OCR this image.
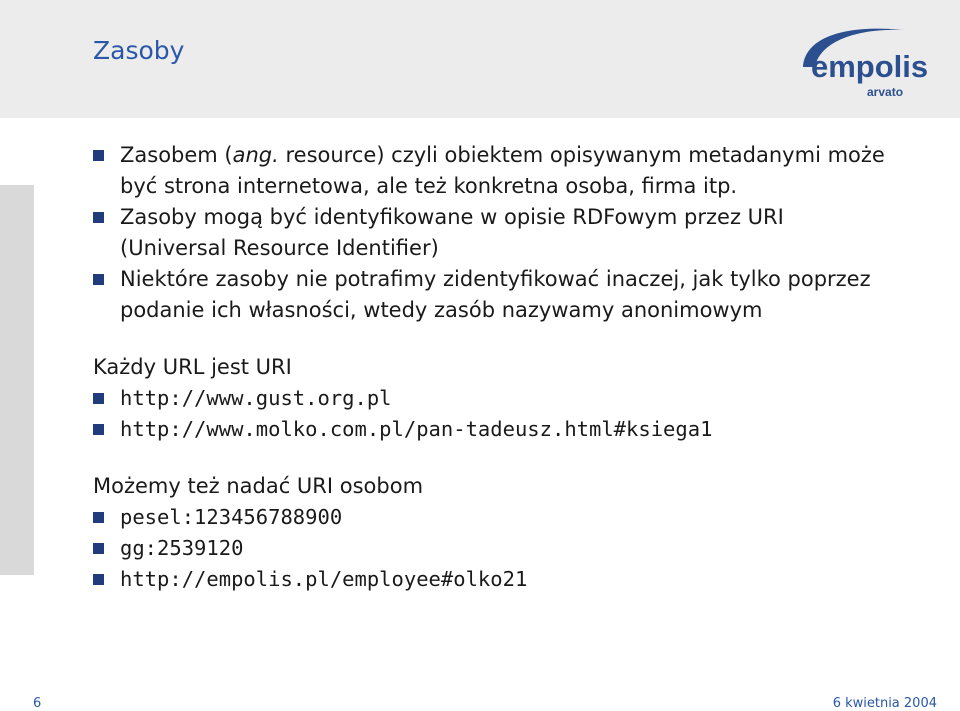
Zasoby	empolis
arvato
Zasobem (ang. resource) czyli obiektem opisywanym metadanymi może być strona internetowa, ale też konkretna osoba, firma itp.
Zasoby mogą być identyfikowane w opisie RDFowym przez URI (Universal Resource Identifier)
Niektóre zasoby nie potrafimy zidentyfikować inaczej, jak tylko poprzez podanie ich własności, wtedy zasób nazywamy anonimowym
Każdy URL jest URI
http://www.gust.org.pl
http://www.molko.com.pl/pan-tadeusz.html#ksiega1
Możemy też nadać URI osobom
pesel:123456788900
gg:2539120
http://empolis.pl/employee#olko21
6	6 kwietnia 2004
